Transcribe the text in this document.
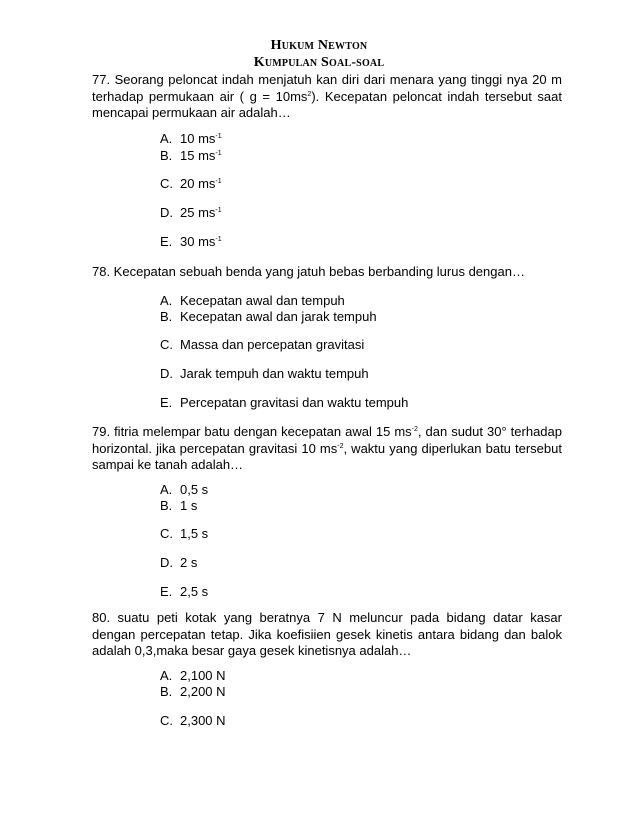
Hukum Newton
Kumpulan Soal-soal
77. Seorang peloncat indah menjatuh kan diri dari menara yang tinggi nya 20 m terhadap permukaan air ( $g = 10ms^2$). Kecepatan peloncat indah tersebut saat mencapai permukaan air adalah…
A. 10 $ms^{-1}$
B. 15 $ms^{-1}$
C. 20 $ms^{-1}$
D. 25 $ms^{-1}$
E. 30 $ms^{-1}$
78. Kecepatan sebuah benda yang jatuh bebas berbanding lurus dengan…
A. Kecepatan awal dan tempuh
B. Kecepatan awal dan jarak tempuh
C. Massa dan percepatan gravitasi
D. Jarak tempuh dan waktu tempuh
E. Percepatan gravitasi dan waktu tempuh
79. fitria melempar batu dengan kecepatan awal 15 $ms^{-2}$, dan sudut 30° terhadap horizontal. jika percepatan gravitasi 10 $ms^{-2}$, waktu yang diperlukan batu tersebut sampai ke tanah adalah…
A. 0,5 s
B. 1 s
C. 1,5 s
D. 2 s
E. 2,5 s
80. suatu peti kotak yang beratnya 7 N meluncur pada bidang datar kasar dengan percepatan tetap. Jika koefisiien gesek kinetis antara bidang dan balok adalah 0,3,maka besar gaya gesek kinetisnya adalah…
A. 2,100 N
B. 2,200 N
C. 2,300 N
